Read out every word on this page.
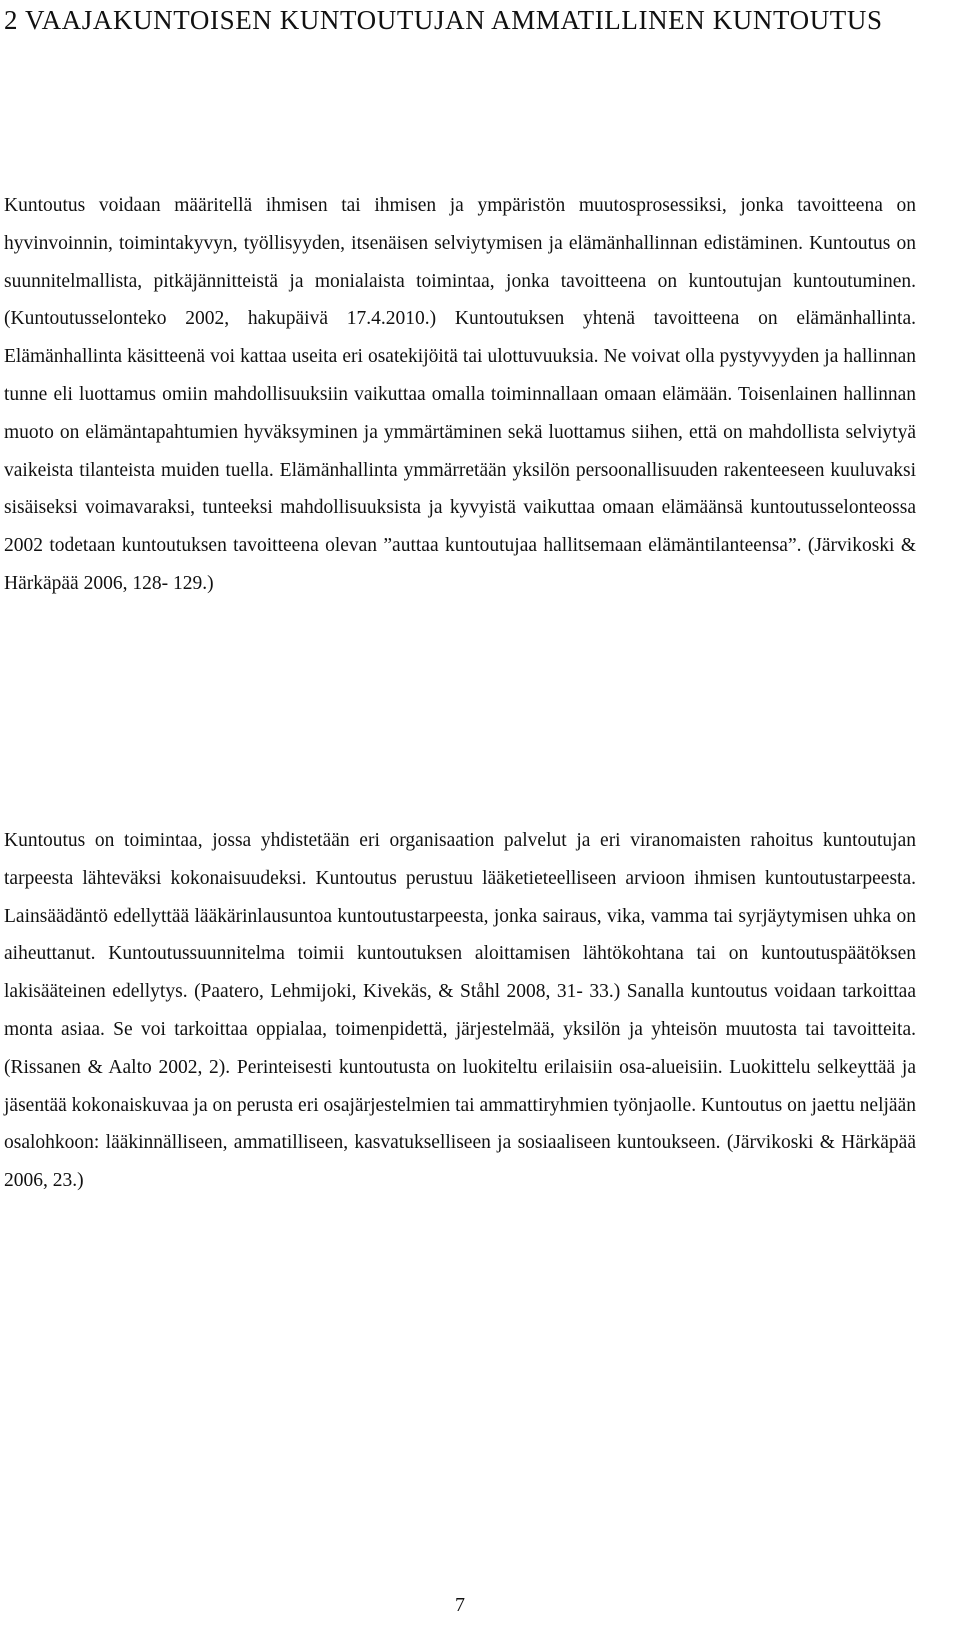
2 VAAJAKUNTOISEN KUNTOUTUJAN AMMATILLINEN KUNTOUTUS

Kuntoutus voidaan määritellä ihmisen tai ihmisen ja ympäristön muutosprosessiksi, jonka tavoitteena on hyvinvoinnin, toimintakyvyn, työllisyyden, itsenäisen selviytymisen ja elämänhallinnan edistäminen. Kuntoutus on suunnitelmallista, pitkäjännitteistä ja monialaista toimintaa, jonka tavoitteena on kuntoutujan kuntoutuminen. (Kuntoutusselonteko 2002, hakupäivä 17.4.2010.) Kuntoutuksen yhtenä tavoitteena on elämänhallinta. Elämänhallinta käsitteenä voi kattaa useita eri osatekijöitä tai ulottuvuuksia. Ne voivat olla pystyvyyden ja hallinnan tunne eli luottamus omiin mahdollisuuksiin vaikuttaa omalla toiminnallaan omaan elämään. Toisenlainen hallinnan muoto on elämäntapahtumien hyväksyminen ja ymmärtäminen sekä luottamus siihen, että on mahdollista selviytyä vaikeista tilanteista muiden tuella. Elämänhallinta ymmärretään yksilön persoonallisuuden rakenteeseen kuuluvaksi sisäiseksi voimavaraksi, tunteeksi mahdollisuuksista ja kyvyistä vaikuttaa omaan elämäänsä kuntoutusselonteossa 2002 todetaan kuntoutuksen tavoitteena olevan ”auttaa kuntoutujaa hallitsemaan elämäntilanteensa”. (Järvikoski & Härkäpää 2006, 128- 129.)

Kuntoutus on toimintaa, jossa yhdistetään eri organisaation palvelut ja eri viranomaisten rahoitus kuntoutujan tarpeesta lähteväksi kokonaisuudeksi. Kuntoutus perustuu lääketieteelliseen arvioon ihmisen kuntoutustarpeesta. Lainsäädäntö edellyttää lääkärinlausuntoa kuntoutustarpeesta, jonka sairaus, vika, vamma tai syrjäytymisen uhka on aiheuttanut. Kuntoutussuunnitelma toimii kuntoutuksen aloittamisen lähtökohtana tai on kuntoutuspäätöksen lakisääteinen edellytys. (Paatero, Lehmijoki, Kivekäs, & Ståhl 2008, 31- 33.) Sanalla kuntoutus voidaan tarkoittaa monta asiaa. Se voi tarkoittaa oppialaa, toimenpidettä, järjestelmää, yksilön ja yhteisön muutosta tai tavoitteita. (Rissanen & Aalto 2002, 2). Perinteisesti kuntoutusta on luokiteltu erilaisiin osa-alueisiin. Luokittelu selkeyttää ja jäsentää kokonaiskuvaa ja on perusta eri osajärjestelmien tai ammattiryhmien työnjaolle. Kuntoutus on jaettu neljään osalohkoon: lääkinnälliseen, ammatilliseen, kasvatukselliseen ja sosiaaliseen kuntoukseen. (Järvikoski & Härkäpää 2006, 23.)

7
